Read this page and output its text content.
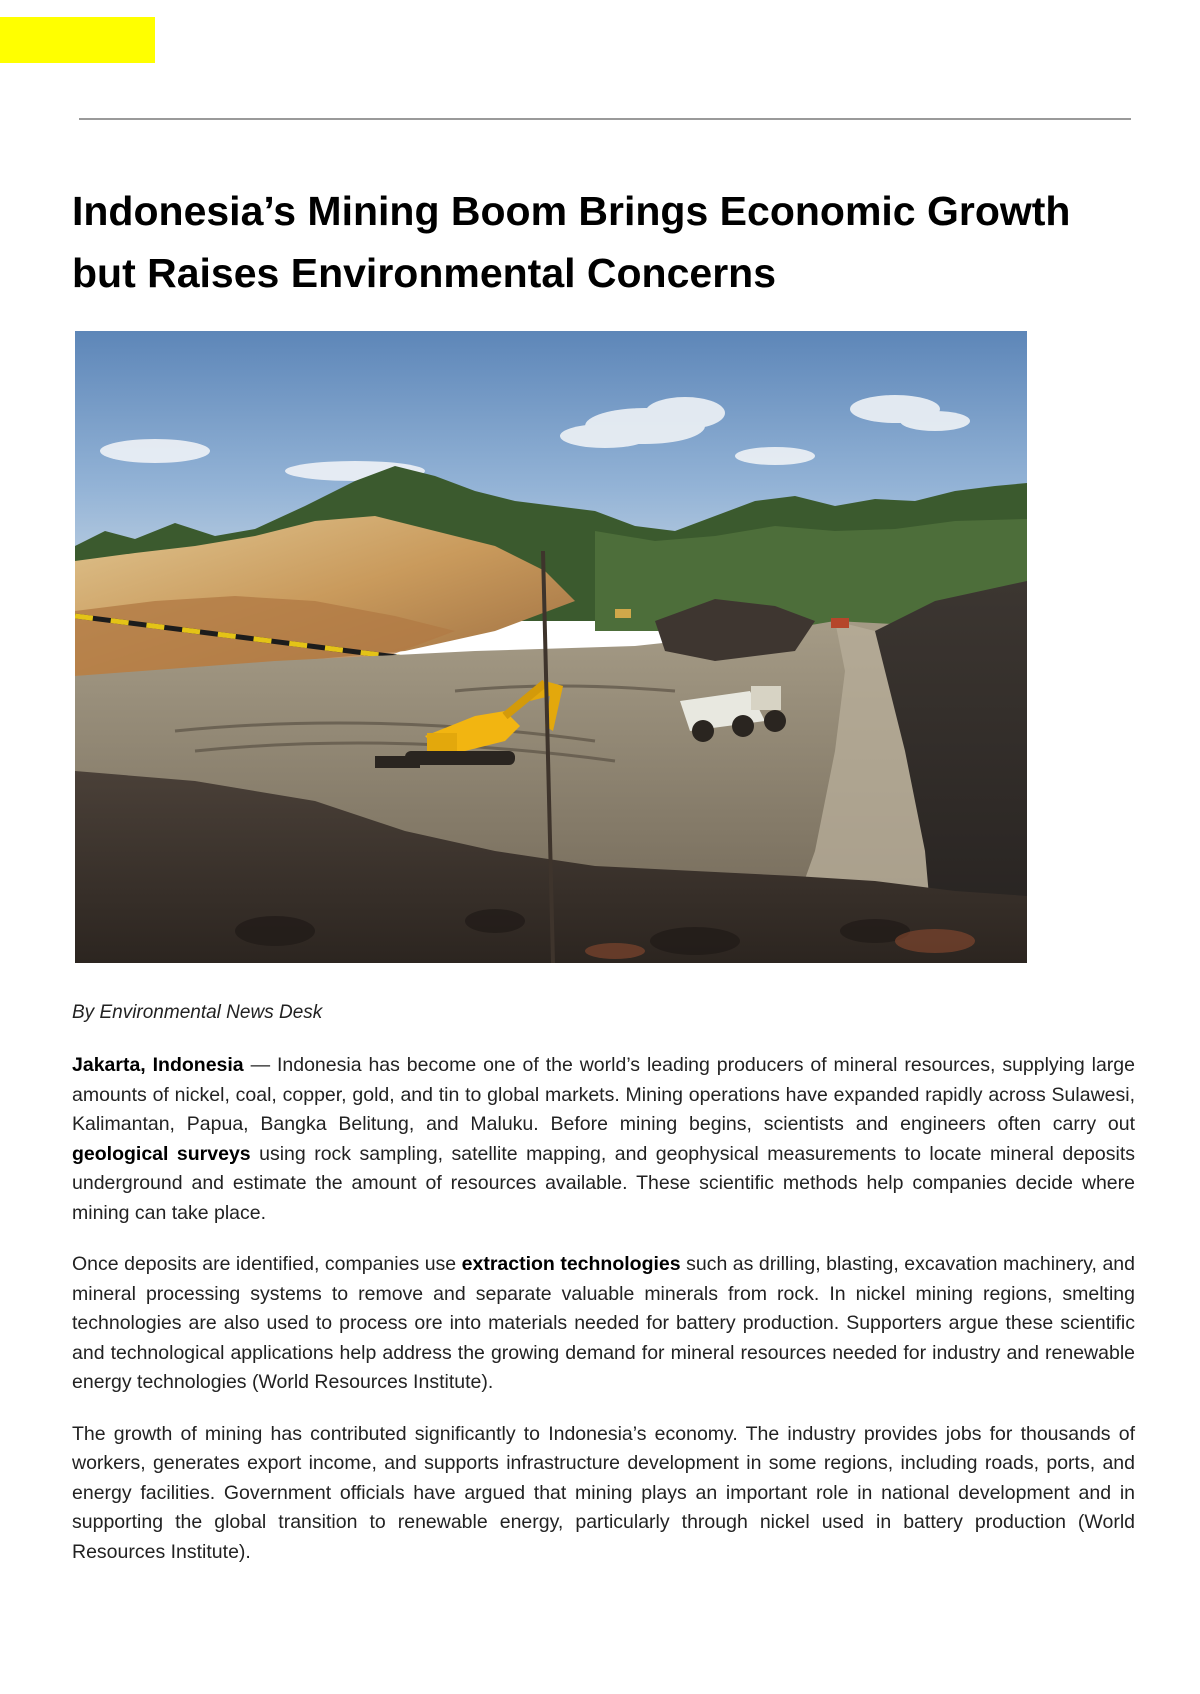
Indonesia’s Mining Boom Brings Economic Growth but Raises Environmental Concerns

By Environmental News Desk

Jakarta, Indonesia — Indonesia has become one of the world’s leading producers of mineral resources, supplying large amounts of nickel, coal, copper, gold, and tin to global markets. Mining operations have expanded rapidly across Sulawesi, Kalimantan, Papua, Bangka Belitung, and Maluku. Before mining begins, scientists and engineers often carry out geological surveys using rock sampling, satellite mapping, and geophysical measurements to locate mineral deposits underground and estimate the amount of resources available. These scientific methods help companies decide where mining can take place.

Once deposits are identified, companies use extraction technologies such as drilling, blasting, excavation machinery, and mineral processing systems to remove and separate valuable minerals from rock. In nickel mining regions, smelting technologies are also used to process ore into materials needed for battery production. Supporters argue these scientific and technological applications help address the growing demand for mineral resources needed for industry and renewable energy technologies (World Resources Institute).

The growth of mining has contributed significantly to Indonesia’s economy. The industry provides jobs for thousands of workers, generates export income, and supports infrastructure development in some regions, including roads, ports, and energy facilities. Government officials have argued that mining plays an important role in national development and in supporting the global transition to renewable energy, particularly through nickel used in battery production (World Resources Institute).
